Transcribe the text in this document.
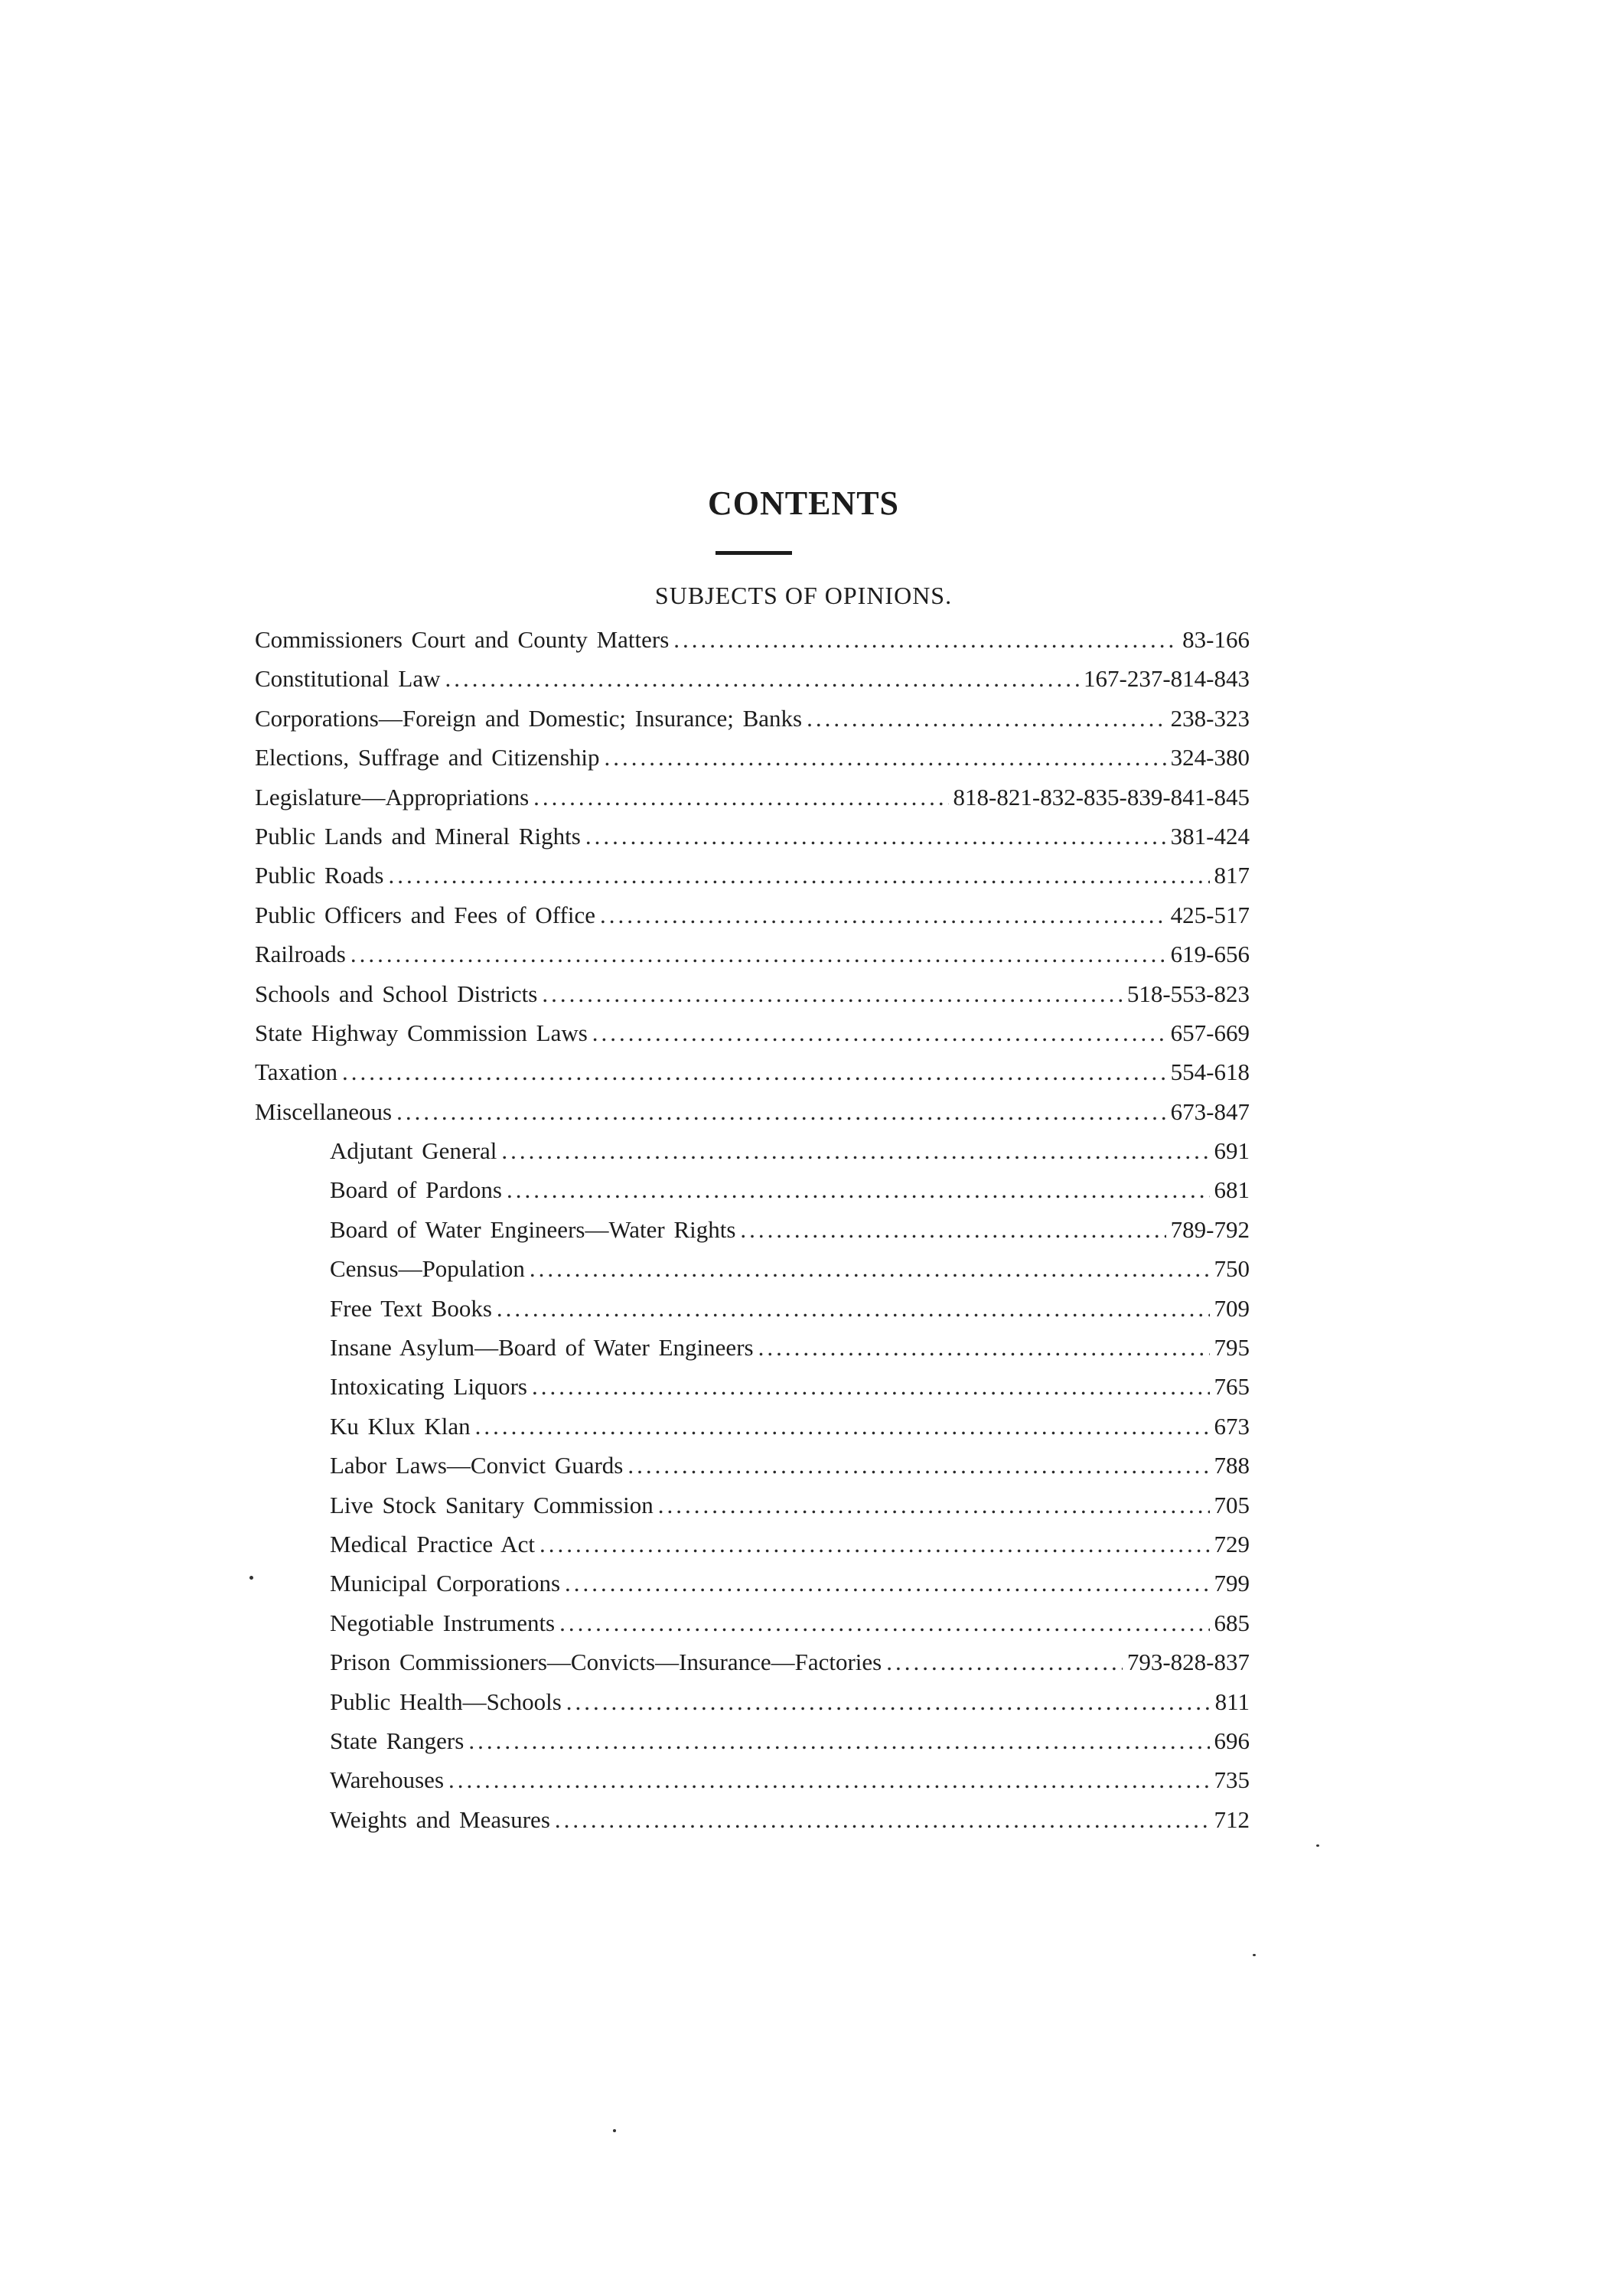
CONTENTS
SUBJECTS OF OPINIONS.
Commissioners Court and County Matters .....	83-166
Constitutional Law .....	167-237-814-843
Corporations—Foreign and Domestic; Insurance; Banks .....	238-323
Elections, Suffrage and Citizenship .....	324-380
Legislature—Appropriations .....	818-821-832-835-839-841-845
Public Lands and Mineral Rights .....	381-424
Public Roads .....	817
Public Officers and Fees of Office .....	425-517
Railroads .....	619-656
Schools and School Districts .....	518-553-823
State Highway Commission Laws .....	657-669
Taxation .....	554-618
Miscellaneous .....	673-847
Adjutant General .....	691
Board of Pardons .....	681
Board of Water Engineers—Water Rights .....	789-792
Census—Population .....	750
Free Text Books .....	709
Insane Asylum—Board of Water Engineers .....	795
Intoxicating Liquors .....	765
Ku Klux Klan .....	673
Labor Laws—Convict Guards .....	788
Live Stock Sanitary Commission .....	705
Medical Practice Act .....	729
Municipal Corporations .....	799
Negotiable Instruments .....	685
Prison Commissioners—Convicts—Insurance—Factories .....	793-828-837
Public Health—Schools .....	811
State Rangers .....	696
Warehouses .....	735
Weights and Measures .....	712
